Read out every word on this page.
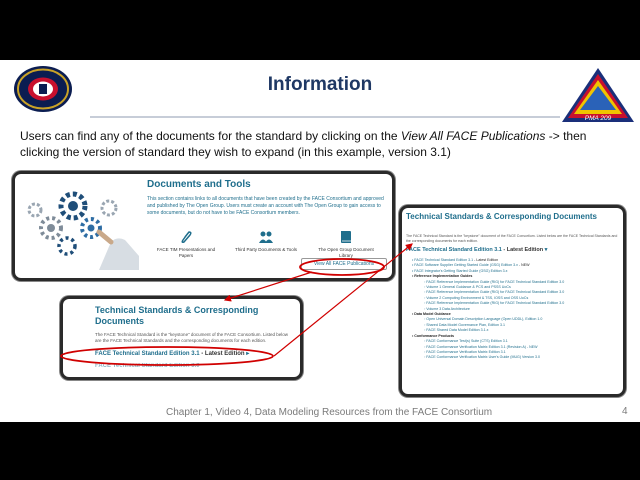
PMA 209
Information
Users can find any of the documents for the standard by clicking on the View All FACE Publications -> then clicking the version of standard they wish to expand (in this example, version 3.1)
Documents and Tools
This section contains links to all documents that have been created by the FACE Consortium and approved and published by The Open Group. Users must create an account with The Open Group to gain access to some documents, but do not have to be FACE Consortium members.
FACE TIM Presentations and Papers
Third Party Documents & Tools	The Open Group Document Library
View All FACE Publications
Technical Standards & Corresponding Documents
The FACE Technical Standard is the "keystone" document of the FACE Consortium. Listed below are the FACE Technical Standards and the corresponding documents for each edition.
FACE Technical Standard Edition 3.1 - Latest Edition ▸
FACE Technical Standard Edition 3.0
Technical Standards & Corresponding Documents
The FACE Technical Standard is the "keystone" document of the FACE Consortium. Listed below are the FACE Technical Standards and the corresponding documents for each edition.
FACE Technical Standard Edition 3.1 - Latest Edition ▾
• FACE Technical Standard Edition 3.1 - Latest Edition
• FACE Software Supplier Getting Started Guide (GSG) Edition 3.x - NEW
• FACE Integrator's Getting Started Guide (GSG) Edition 3.x
• Reference Implementation Guides
◦ FACE Reference Implementation Guide (RIG) for FACE Technical Standard Edition 3.0
◦ Volume 1 General Guidance & PCS and PSSS UoCs
◦ FACE Reference Implementation Guide (RIG) for FACE Technical Standard Edition 3.0
◦ Volume 2 Computing Environment & TSS, IOSS and OSS UoCs
◦ FACE Reference Implementation Guide (RIG) for FACE Technical Standard Edition 3.0
◦ Volume 3 Data Architecture
• Data Model Guidance
◦ Open Universal Domain Description Language (Open UDDL), Edition 1.0
◦ Shared Data Model Governance Plan, Edition 3.1
◦ FACE Shared Data Model Edition 3.1.x
• Conformance Products
◦ FACE Conformance Test(s) Suite (CTS) Edition 3.1
◦ FACE Conformance Verification Matrix Edition 3.1 (Revision A) - NEW
◦ FACE Conformance Verification Matrix Edition 3.1
◦ FACE Conformance Verification Matrix User's Guide (MUG) Version 3.0
Chapter 1, Video 4, Data Modeling Resources from the FACE Consortium	4
